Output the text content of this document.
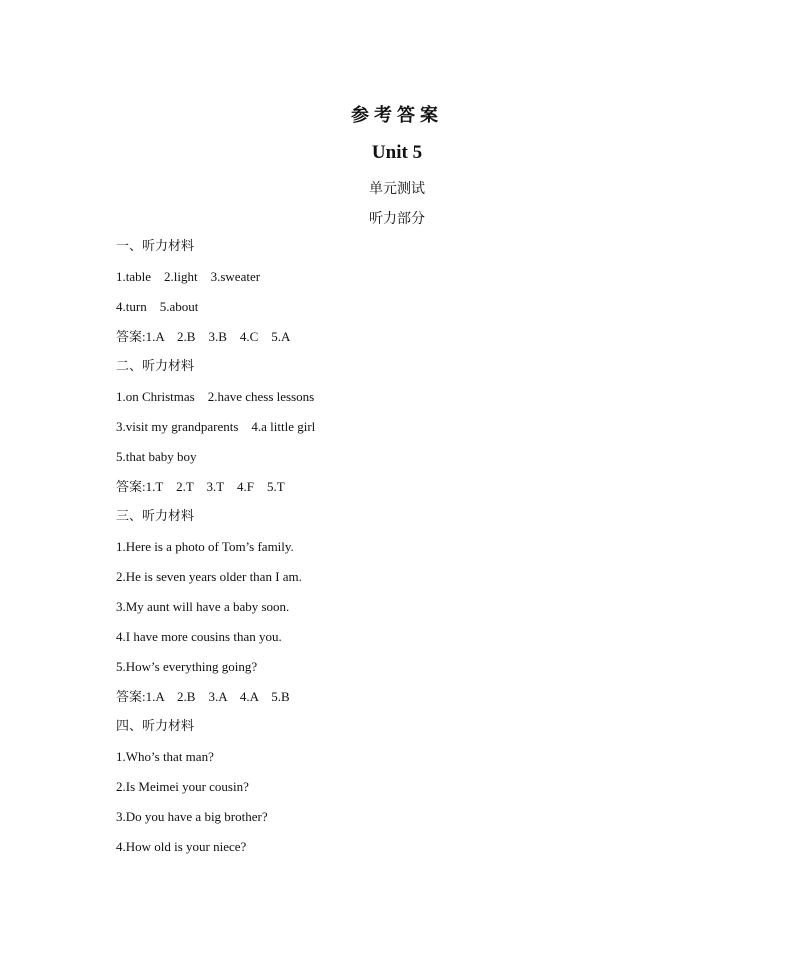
参考答案
Unit 5
单元测试
听力部分
一、听力材料
1.table    2.light    3.sweater
4.turn    5.about
答案:1.A    2.B    3.B    4.C    5.A
二、听力材料
1.on Christmas    2.have chess lessons
3.visit my grandparents    4.a little girl
5.that baby boy
答案:1.T    2.T    3.T    4.F    5.T
三、听力材料
1.Here is a photo of Tom’s family.
2.He is seven years older than I am.
3.My aunt will have a baby soon.
4.I have more cousins than you.
5.How’s everything going?
答案:1.A    2.B    3.A    4.A    5.B
四、听力材料
1.Who’s that man?
2.Is Meimei your cousin?
3.Do you have a big brother?
4.How old is your niece?
